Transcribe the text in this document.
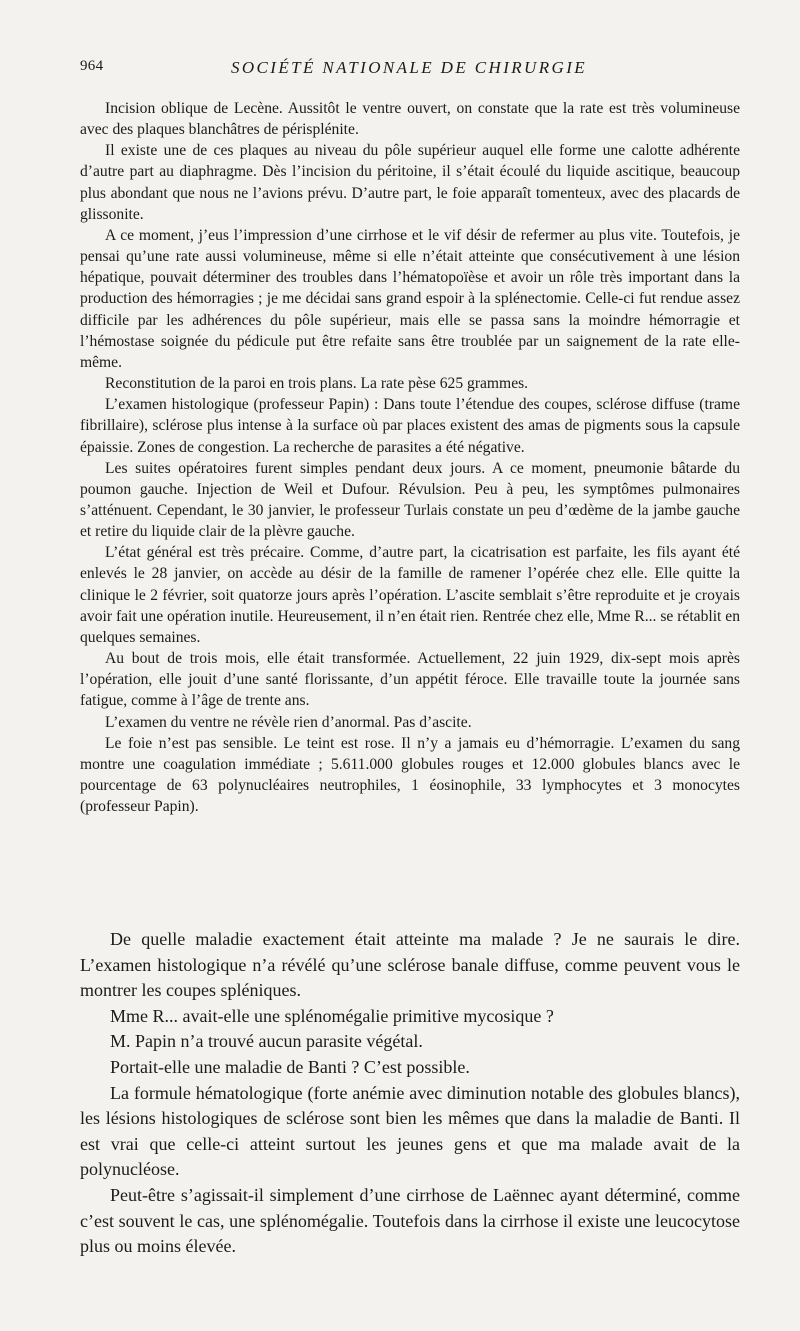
964	SOCIÉTÉ NATIONALE DE CHIRURGIE

Incision oblique de Lecène. Aussitôt le ventre ouvert, on constate que la rate est très volumineuse avec des plaques blanchâtres de périsplénite.

Il existe une de ces plaques au niveau du pôle supérieur auquel elle forme une calotte adhérente d’autre part au diaphragme. Dès l’incision du péritoine, il s’était écoulé du liquide ascitique, beaucoup plus abondant que nous ne l’avions prévu. D’autre part, le foie apparaît tomenteux, avec des placards de glissonite.

A ce moment, j’eus l’impression d’une cirrhose et le vif désir de refermer au plus vite. Toutefois, je pensai qu’une rate aussi volumineuse, même si elle n’était atteinte que consécutivement à une lésion hépatique, pouvait déterminer des troubles dans l’hématopoïèse et avoir un rôle très important dans la production des hémorragies ; je me décidai sans grand espoir à la splénectomie. Celle-ci fut rendue assez difficile par les adhérences du pôle supérieur, mais elle se passa sans la moindre hémorragie et l’hémostase soignée du pédicule put être refaite sans être troublée par un saignement de la rate elle-même.

Reconstitution de la paroi en trois plans. La rate pèse 625 grammes.

L’examen histologique (professeur Papin) : Dans toute l’étendue des coupes, sclérose diffuse (trame fibrillaire), sclérose plus intense à la surface où par places existent des amas de pigments sous la capsule épaissie. Zones de congestion. La recherche de parasites a été négative.

Les suites opératoires furent simples pendant deux jours. A ce moment, pneumonie bâtarde du poumon gauche. Injection de Weil et Dufour. Révulsion. Peu à peu, les symptômes pulmonaires s’atténuent. Cependant, le 30 janvier, le professeur Turlais constate un peu d’œdème de la jambe gauche et retire du liquide clair de la plèvre gauche.

L’état général est très précaire. Comme, d’autre part, la cicatrisation est parfaite, les fils ayant été enlevés le 28 janvier, on accède au désir de la famille de ramener l’opérée chez elle. Elle quitte la clinique le 2 février, soit quatorze jours après l’opération. L’ascite semblait s’être reproduite et je croyais avoir fait une opération inutile. Heureusement, il n’en était rien. Rentrée chez elle, Mme R... se rétablit en quelques semaines.

Au bout de trois mois, elle était transformée. Actuellement, 22 juin 1929, dix-sept mois après l’opération, elle jouit d’une santé florissante, d’un appétit féroce. Elle travaille toute la journée sans fatigue, comme à l’âge de trente ans.

L’examen du ventre ne révèle rien d’anormal. Pas d’ascite.

Le foie n’est pas sensible. Le teint est rose. Il n’y a jamais eu d’hémorragie. L’examen du sang montre une coagulation immédiate ; 5.611.000 globules rouges et 12.000 globules blancs avec le pourcentage de 63 polynucléaires neutrophiles, 1 éosinophile, 33 lymphocytes et 3 monocytes (professeur Papin).

De quelle maladie exactement était atteinte ma malade ? Je ne saurais le dire. L’examen histologique n’a révélé qu’une sclérose banale diffuse, comme peuvent vous le montrer les coupes spléniques.

Mme R... avait-elle une splénomégalie primitive mycosique ?

M. Papin n’a trouvé aucun parasite végétal.

Portait-elle une maladie de Banti ? C’est possible.

La formule hématologique (forte anémie avec diminution notable des globules blancs), les lésions histologiques de sclérose sont bien les mêmes que dans la maladie de Banti. Il est vrai que celle-ci atteint surtout les jeunes gens et que ma malade avait de la polynucléose.

Peut-être s’agissait-il simplement d’une cirrhose de Laënnec ayant déterminé, comme c’est souvent le cas, une splénomégalie. Toutefois dans la cirrhose il existe une leucocytose plus ou moins élevée.
